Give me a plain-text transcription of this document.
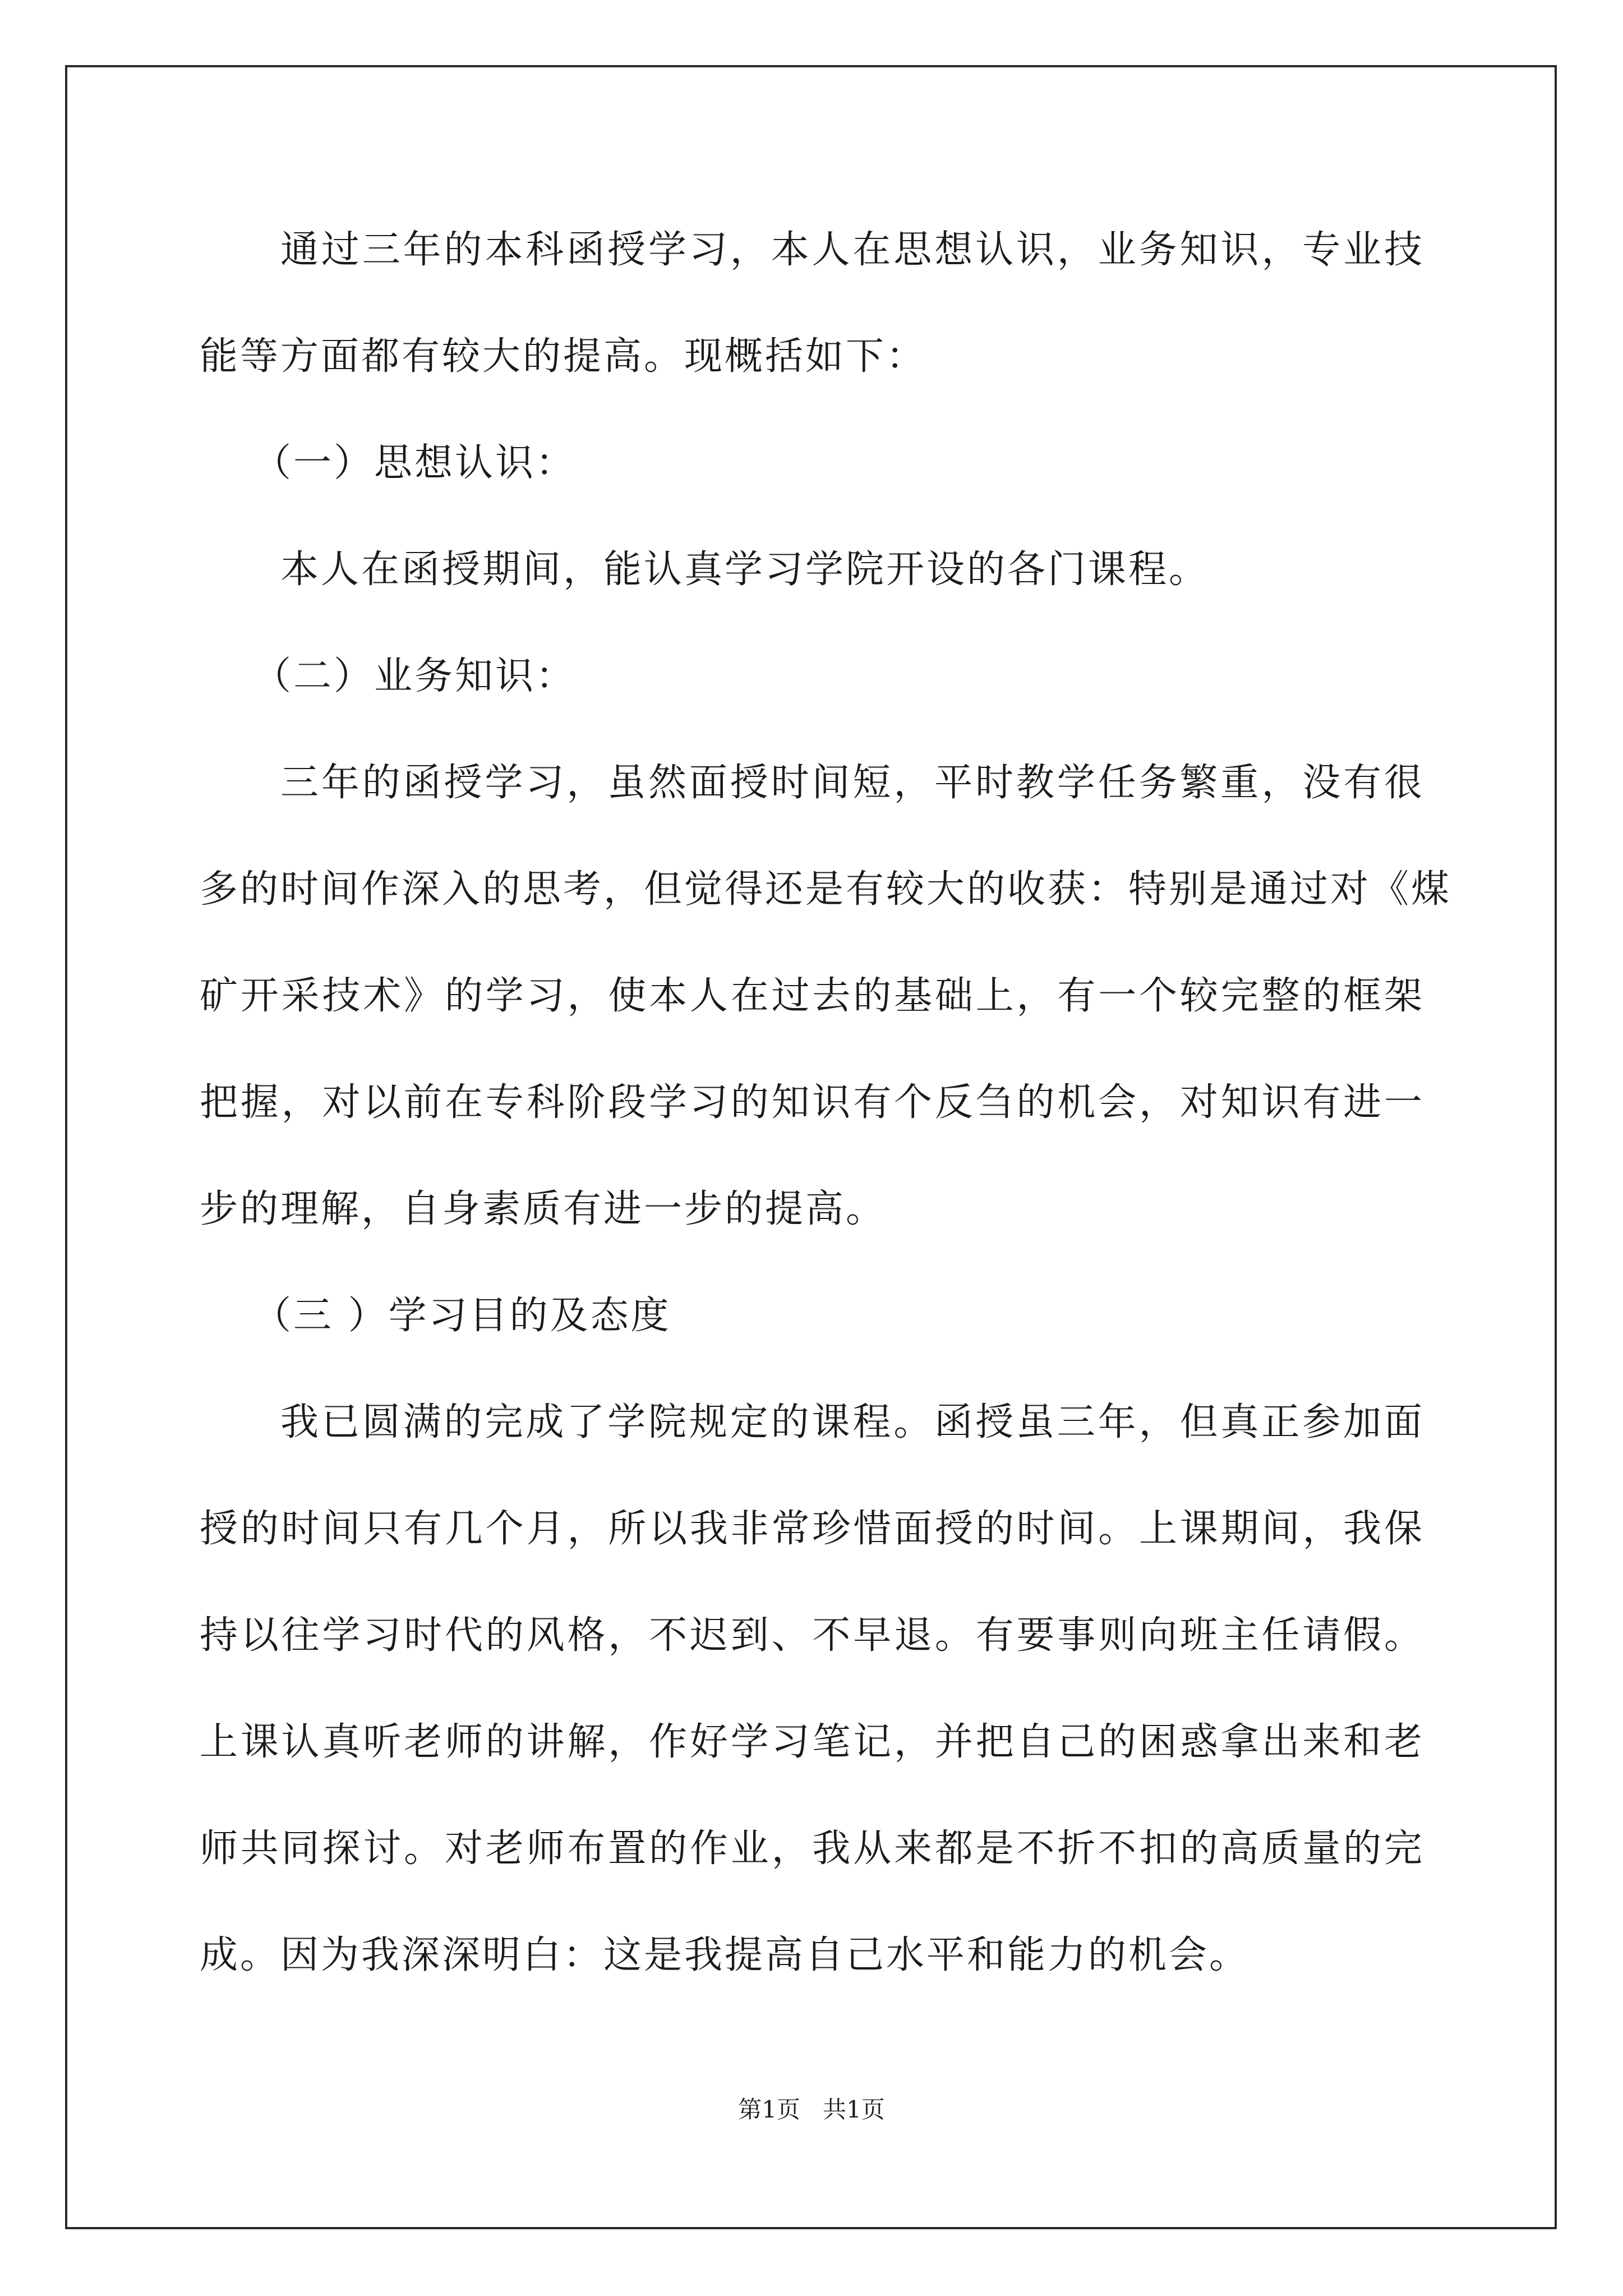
通过三年的本科函授学习，本人在思想认识，业务知识，专业技
能等方面都有较大的提高。现概括如下：
（一）思想认识：
本人在函授期间，能认真学习学院开设的各门课程。
（二）业务知识：
三年的函授学习，虽然面授时间短，平时教学任务繁重，没有很
多的时间作深入的思考，但觉得还是有较大的收获：特别是通过对《煤
矿开采技术》的学习，使本人在过去的基础上，有一个较完整的框架
把握，对以前在专科阶段学习的知识有个反刍的机会，对知识有进一
步的理解，自身素质有进一步的提高。
（三 ）学习目的及态度
我已圆满的完成了学院规定的课程。函授虽三年，但真正参加面
授的时间只有几个月，所以我非常珍惜面授的时间。上课期间，我保
持以往学习时代的风格，不迟到、不早退。有要事则向班主任请假。
上课认真听老师的讲解，作好学习笔记，并把自己的困惑拿出来和老
师共同探讨。对老师布置的作业，我从来都是不折不扣的高质量的完
成。因为我深深明白：这是我提高自己水平和能力的机会。
第1页   共1页
